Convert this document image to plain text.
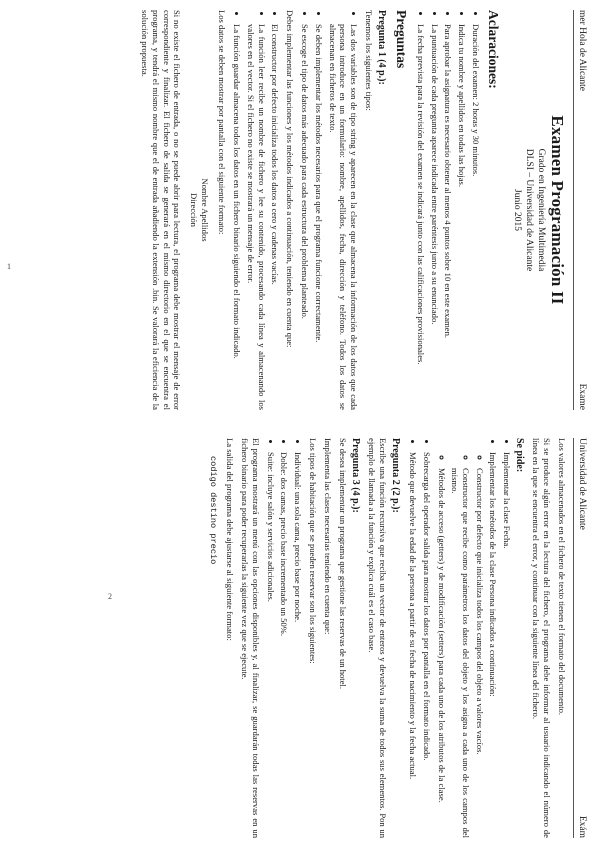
mer Hola de Alicante
Exame
Examen Programación II
Grado en Ingeniería Multimedia
DLSI – Universidad de Alicante
Junio 2015
Aclaraciones:
• Duración del examen: 2 horas y 30 minutos.
• Indica tu nombre y apellidos en todas las hojas.
• Para aprobar la asignatura es necesario obtener al menos 4 puntos sobre 10 en este examen.
• La puntuación de cada pregunta aparece indicada entre paréntesis junto a su enunciado.
• La fecha prevista para la revisión del examen se indicará junto con las calificaciones provisionales.
Preguntas
Pregunta 1 (4 p.):

Tenemos los siguientes tipos:

• Las dos variables son de tipo string y aparecen en la clase que almacena la información de los datos que cada persona introduce en un formulario: nombre, apellidos, fecha, dirección y teléfono. Todos los datos se almacenan en ficheros de texto.
• Se deben implementar los métodos necesarios para que el programa funcione correctamente.
• Se escoge el tipo de datos más adecuado para cada estructura del problema planteado.

Debes implementar las funciones y los métodos indicados a continuación, teniendo en cuenta que:

• El constructor por defecto inicializa todos los datos a cero y cadenas vacías.
• La función leer recibe un nombre de fichero y lee su contenido, procesando cada línea y almacenando los valores en el vector. Si el fichero no existe se mostrará un mensaje de error.
• La función guardar almacena todos los datos en un fichero binario siguiendo el formato indicado.

Los datos se deben mostrar por pantalla con el siguiente formato:

Nombre Apellidos
Dirección

Si no existe el fichero de entrada, o no se puede abrir para lectura, el programa debe mostrar el mensaje de error correspondiente y finalizar. El fichero de salida se generará en el mismo directorio en el que se encuentra el programa, y tendrá el mismo nombre que el de entrada añadiendo la extensión .bin. Se valorará la eficiencia de la solución propuesta.

Universidad de Alicante
Exám

Los valores almacenados en el fichero de texto tienen el formato del documento.

Si se produce algún error en la lectura del fichero, el programa debe informar al usuario indicando el número de línea en la que se encuentra el error, y continuar con la siguiente línea del fichero.

Se pide:
• Implementar la clase Fecha.
• Implementar los métodos de la clase Persona indicados a continuación:
◦ Constructor por defecto que inicializa todos los campos del objeto a valores vacíos.
◦ Constructor que recibe como parámetros los datos del objeto y los asigna a cada uno de los campos del mismo.
◦ Métodos de acceso (getters) y de modificación (setters) para cada uno de los atributos de la clase.
• Sobrecarga del operador salida para mostrar los datos por pantalla en el formato indicado.
• Método que devuelve la edad de la persona a partir de su fecha de nacimiento y la fecha actual.
Pregunta 2 (2 p.):

Escribe una función recursiva que reciba un vector de enteros y devuelva la suma de todos sus elementos. Pon un ejemplo de llamada a la función y explica cuál es el caso base.

Pregunta 3 (4 p.):

Se desea implementar un programa que gestione las reservas de un hotel.

Implementa las clases necesarias teniendo en cuenta que:

Los tipos de habitación que se pueden reservar son los siguientes:

• Individual: una sola cama, precio base por noche.
• Doble: dos camas, precio base incrementado un 50%.
• Suite: incluye salón y servicios adicionales.

El programa mostrará un menú con las opciones disponibles y, al finalizar, se guardarán todas las reservas en un fichero binario para poder recuperarlas la siguiente vez que se ejecute.

La salida del programa debe ajustarse al siguiente formato:

codigo destino precio
1
2
